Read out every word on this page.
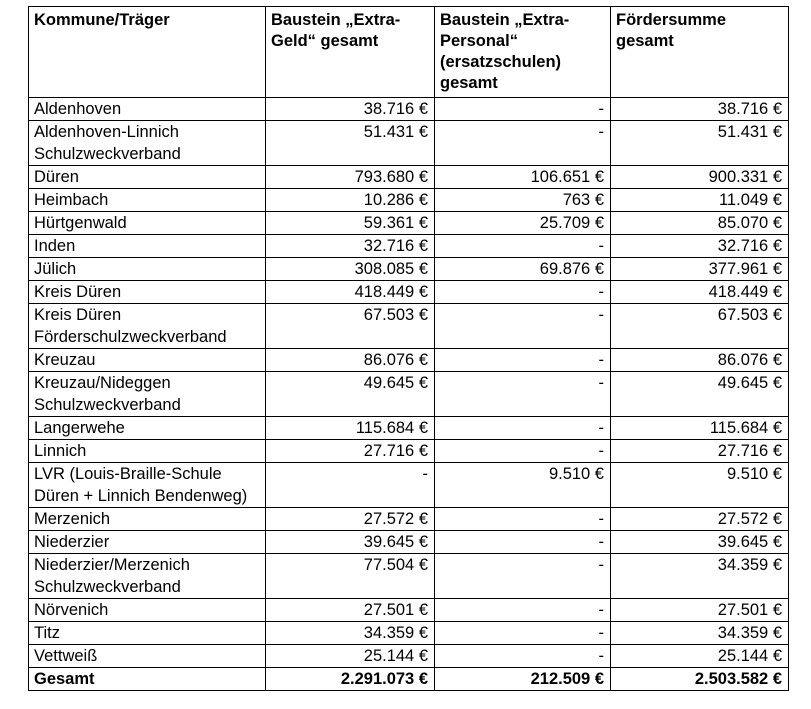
Kommune/Träger	Baustein „Extra-Geld“ gesamt	Baustein „Extra-Personal“ (ersatzschulen) gesamt	Fördersumme gesamt
Aldenhoven	38.716 €	-	38.716 €
Aldenhoven-Linnich Schulzweckverband	51.431 €	-	51.431 €
Düren	793.680 €	106.651 €	900.331 €
Heimbach	10.286 €	763 €	11.049 €
Hürtgenwald	59.361 €	25.709 €	85.070 €
Inden	32.716 €	-	32.716 €
Jülich	308.085 €	69.876 €	377.961 €
Kreis Düren	418.449 €	-	418.449 €
Kreis Düren Förderschulzweckverband	67.503 €	-	67.503 €
Kreuzau	86.076 €	-	86.076 €
Kreuzau/Nideggen Schulzweckverband	49.645 €	-	49.645 €
Langerwehe	115.684 €	-	115.684 €
Linnich	27.716 €	-	27.716 €
LVR (Louis-Braille-Schule Düren + Linnich Bendenweg)	-	9.510 €	9.510 €
Merzenich	27.572 €	-	27.572 €
Niederzier	39.645 €	-	39.645 €
Niederzier/Merzenich Schulzweckverband	77.504 €	-	34.359 €
Nörvenich	27.501 €	-	27.501 €
Titz	34.359 €	-	34.359 €
Vettweiß	25.144 €	-	25.144 €
Gesamt	2.291.073 €	212.509 €	2.503.582 €
